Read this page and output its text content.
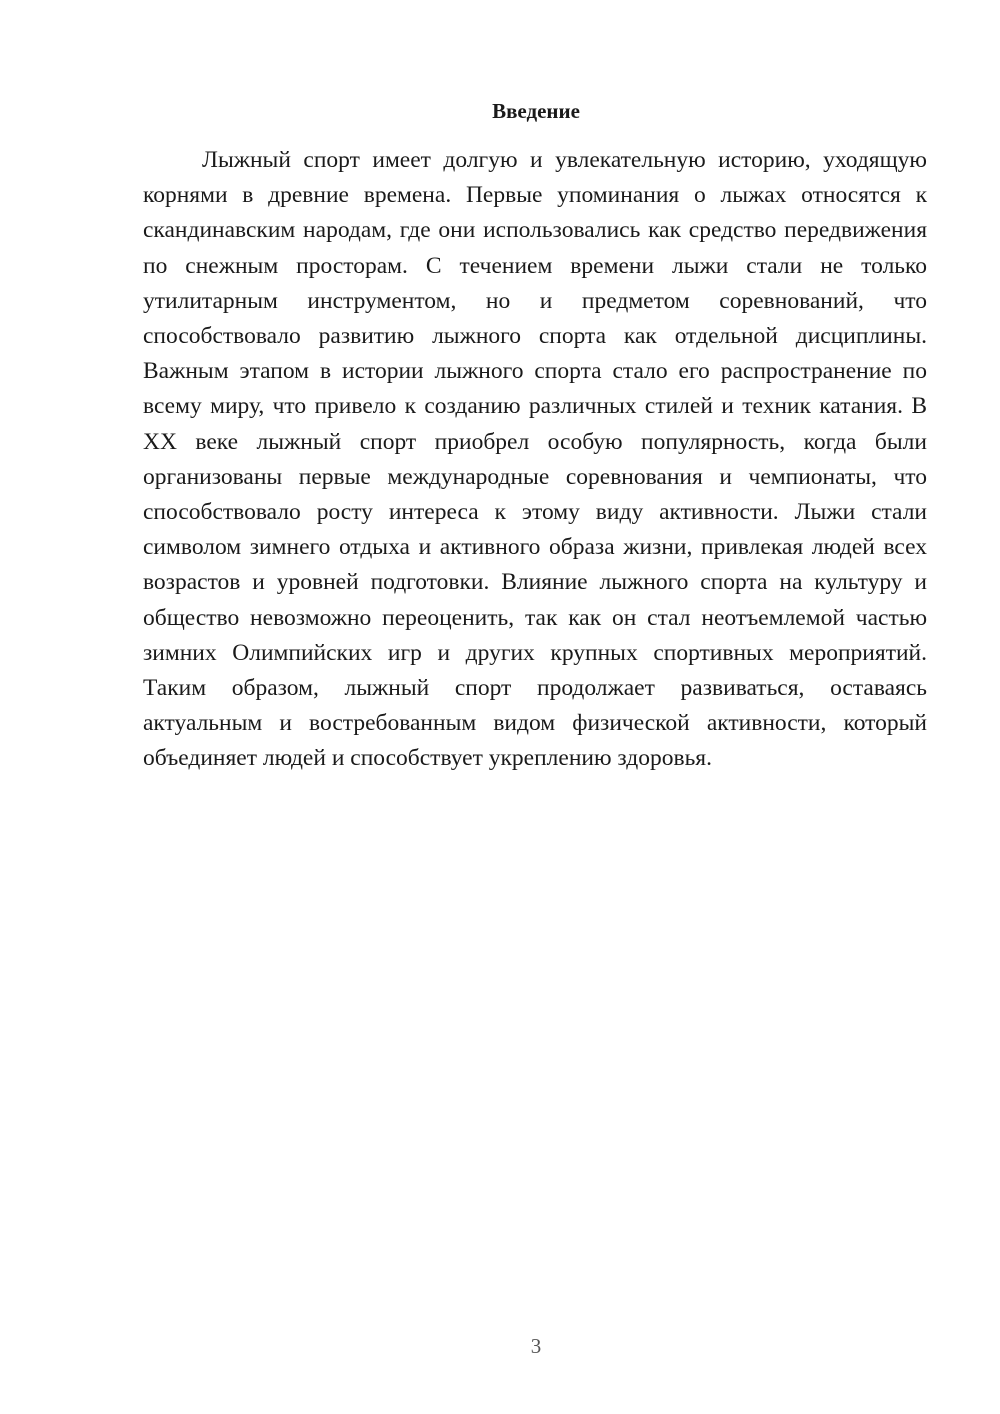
Введение

Лыжный спорт имеет долгую и увлекательную историю, уходящую корнями в древние времена. Первые упоминания о лыжах относятся к скандинавским народам, где они использовались как средство передвижения по снежным просторам. С течением времени лыжи стали не только утилитарным инструментом, но и предметом соревнований, что способствовало развитию лыжного спорта как отдельной дисциплины. Важным этапом в истории лыжного спорта стало его распространение по всему миру, что привело к созданию различных стилей и техник катания. В XX веке лыжный спорт приобрел особую популярность, когда были организованы первые международные соревнования и чемпионаты, что способствовало росту интереса к этому виду активности. Лыжи стали символом зимнего отдыха и активного образа жизни, привлекая людей всех возрастов и уровней подготовки. Влияние лыжного спорта на культуру и общество невозможно переоценить, так как он стал неотъемлемой частью зимних Олимпийских игр и других крупных спортивных мероприятий. Таким образом, лыжный спорт продолжает развиваться, оставаясь актуальным и востребованным видом физической активности, который объединяет людей и способствует укреплению здоровья.

3
